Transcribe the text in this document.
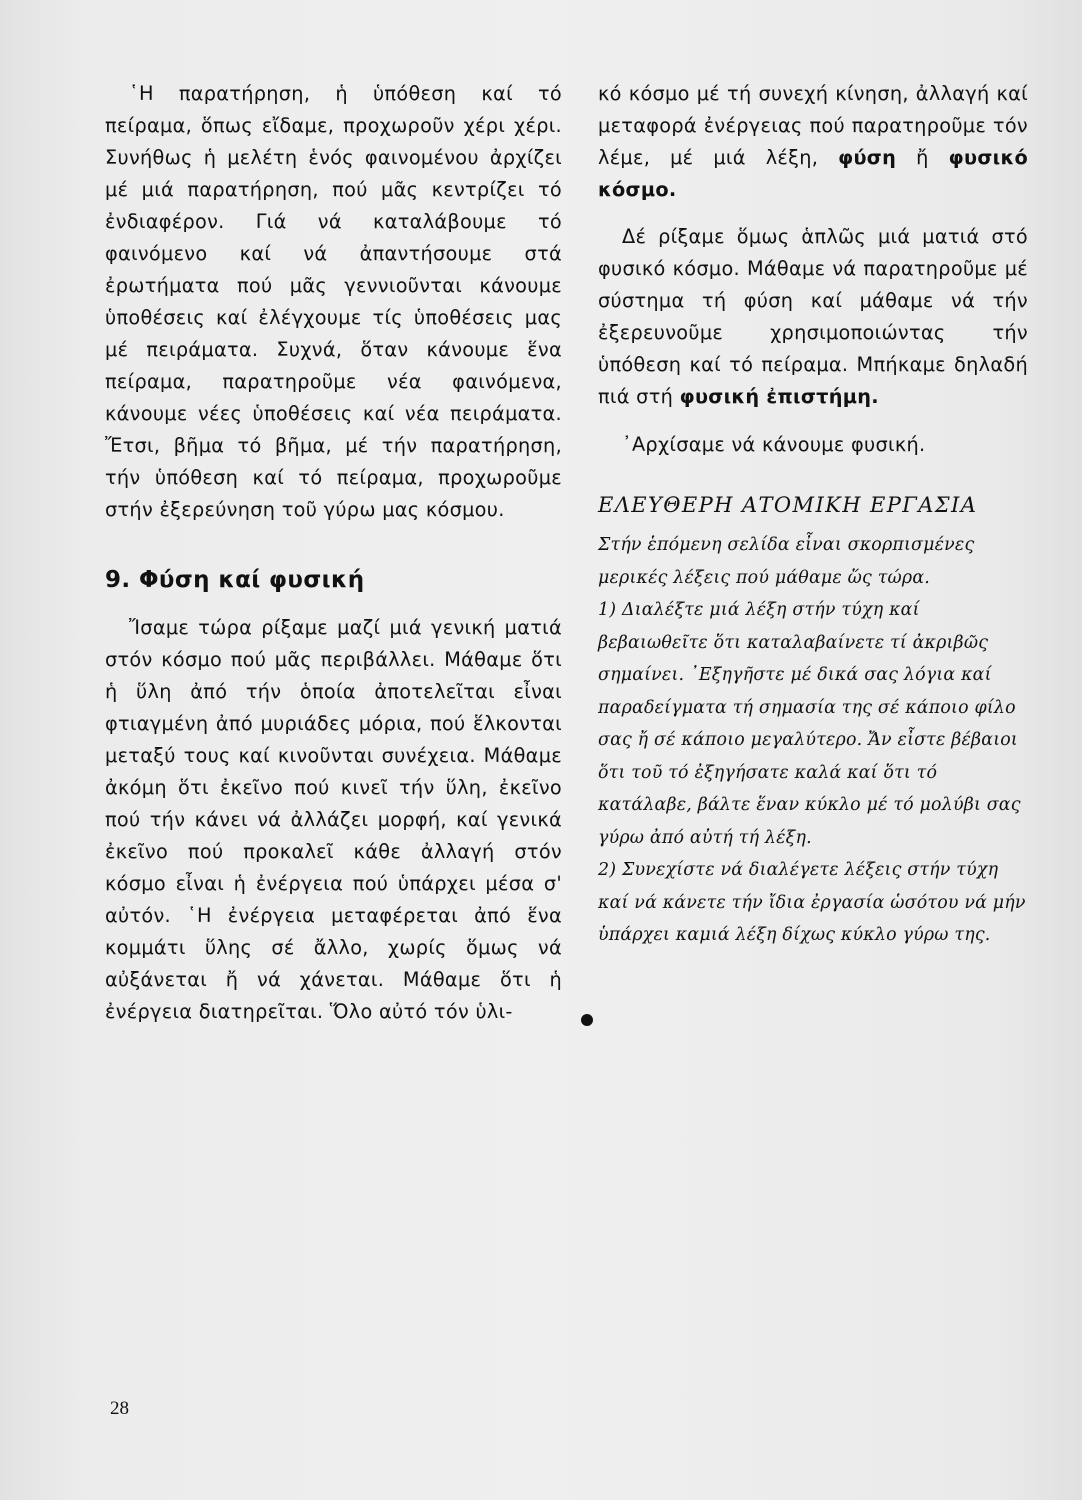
῾Η παρατήρηση, ἡ ὑπόθεση καί τό πείραμα, ὅπως εἴδαμε, προχωροῦν χέρι χέρι. Συνήθως ἡ μελέτη ἑνός φαινομένου ἀρχίζει μέ μιά παρατήρηση, πού μᾶς κεντρίζει τό ἐνδιαφέρον. Γιά νά καταλάβουμε τό φαινόμενο καί νά ἀπαντήσουμε στά ἐρωτήματα πού μᾶς γεννιοῦνται κάνουμε ὑποθέσεις καί ἐλέγχουμε τίς ὑποθέσεις μας μέ πειράματα. Συχνά, ὅταν κάνουμε ἕνα πείραμα, παρατηροῦμε νέα φαινόμενα, κάνουμε νέες ὑποθέσεις καί νέα πειράματα. Ἔτσι, βῆμα τό βῆμα, μέ τήν παρατήρηση, τήν ὑπόθεση καί τό πείραμα, προχωροῦμε στήν ἐξερεύνηση τοῦ γύρω μας κόσμου.

9. Φύση καί φυσική

Ἴσαμε τώρα ρίξαμε μαζί μιά γενική ματιά στόν κόσμο πού μᾶς περιβάλλει. Μάθαμε ὅτι ἡ ὕλη ἀπό τήν ὁποία ἀποτελεῖται εἶναι φτιαγμένη ἀπό μυριάδες μόρια, πού ἕλκονται μεταξύ τους καί κινοῦνται συνέχεια. Μάθαμε ἀκόμη ὅτι ἐκεῖνο πού κινεῖ τήν ὕλη, ἐκεῖνο πού τήν κάνει νά ἀλλάζει μορφή, καί γενικά ἐκεῖνο πού προκαλεῖ κάθε ἀλλαγή στόν κόσμο εἶναι ἡ ἐνέργεια πού ὑπάρχει μέσα σ' αὐτόν. ῾Η ἐνέργεια μεταφέρεται ἀπό ἕνα κομμάτι ὕλης σέ ἄλλο, χωρίς ὅμως νά αὐξάνεται ἤ νά χάνεται. Μάθαμε ὅτι ἡ ἐνέργεια διατηρεῖται. Ὅλο αὐτό τόν ὑλι-

κό κόσμο μέ τή συνεχή κίνηση, ἀλλαγή καί μεταφορά ἐνέργειας πού παρατηροῦμε τόν λέμε, μέ μιά λέξη, φύση ἤ φυσικό κόσμο.

Δέ ρίξαμε ὅμως ἁπλῶς μιά ματιά στό φυσικό κόσμο. Μάθαμε νά παρατηροῦμε μέ σύστημα τή φύση καί μάθαμε νά τήν ἐξερευνοῦμε χρησιμοποιώντας τήν ὑπόθεση καί τό πείραμα. Μπήκαμε δηλαδή πιά στή φυσική ἐπιστήμη.

᾿Αρχίσαμε νά κάνουμε φυσική.

ΕΛΕΥΘΕΡΗ ΑΤΟΜΙΚΗ ΕΡΓΑΣΙΑ

Στήν ἑπόμενη σελίδα εἶναι σκορπισμένες μερικές λέξεις πού μάθαμε ὥς τώρα.

1) Διαλέξτε μιά λέξη στήν τύχη καί βεβαιωθεῖτε ὅτι καταλαβαίνετε τί ἀκριβῶς σημαίνει. ᾿Εξηγῆστε μέ δικά σας λόγια καί παραδείγματα τή σημασία της σέ κάποιο φίλο σας ἤ σέ κάποιο μεγαλύτερο. Ἄν εἶστε βέβαιοι ὅτι τοῦ τό ἐξηγήσατε καλά καί ὅτι τό κατάλαβε, βάλτε ἕναν κύκλο μέ τό μολύβι σας γύρω ἀπό αὐτή τή λέξη.

2) Συνεχίστε νά διαλέγετε λέξεις στήν τύχη καί νά κάνετε τήν ἴδια ἐργασία ὡσότου νά μήν ὑπάρχει καμιά λέξη δίχως κύκλο γύρω της.

28
